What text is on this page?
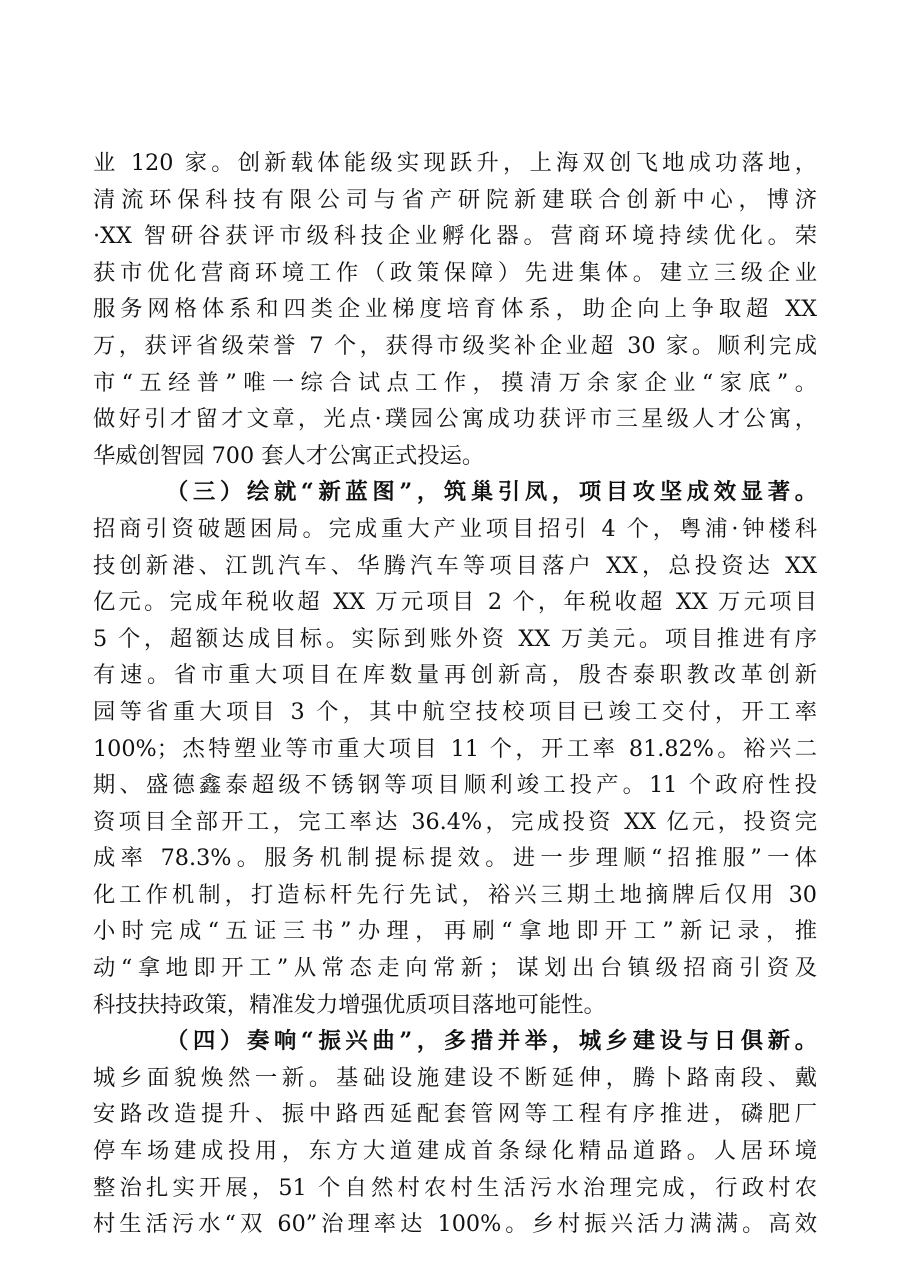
业 120 家。创新载体能级实现跃升，上海双创飞地成功落地，
清流环保科技有限公司与省产研院新建联合创新中心，博济
·XX 智研谷获评市级科技企业孵化器。营商环境持续优化。荣
获市优化营商环境工作（政策保障）先进集体。建立三级企业
服务网格体系和四类企业梯度培育体系，助企向上争取超 XX
万，获评省级荣誉 7 个，获得市级奖补企业超 30 家。顺利完成
市“五经普”唯一综合试点工作，摸清万余家企业“家底”。
做好引才留才文章，光点·璞园公寓成功获评市三星级人才公寓，
华威创智园 700 套人才公寓正式投运。
（三）绘就“新蓝图”，筑巢引凤，项目攻坚成效显著。
招商引资破题困局。完成重大产业项目招引 4 个，粤浦·钟楼科
技创新港、江凯汽车、华腾汽车等项目落户 XX，总投资达 XX
亿元。完成年税收超 XX 万元项目 2 个，年税收超 XX 万元项目
5 个，超额达成目标。实际到账外资 XX 万美元。项目推进有序
有速。省市重大项目在库数量再创新高，殷杏泰职教改革创新
园等省重大项目 3 个，其中航空技校项目已竣工交付，开工率
100%；杰特塑业等市重大项目 11 个，开工率 81.82%。裕兴二
期、盛德鑫泰超级不锈钢等项目顺利竣工投产。11 个政府性投
资项目全部开工，完工率达 36.4%，完成投资 XX 亿元，投资完
成率 78.3%。服务机制提标提效。进一步理顺“招推服”一体
化工作机制，打造标杆先行先试，裕兴三期土地摘牌后仅用 30
小时完成“五证三书”办理，再刷“拿地即开工”新记录，推
动“拿地即开工”从常态走向常新；谋划出台镇级招商引资及
科技扶持政策，精准发力增强优质项目落地可能性。
（四）奏响“振兴曲”，多措并举，城乡建设与日俱新。
城乡面貌焕然一新。基础设施建设不断延伸，腾卜路南段、戴
安路改造提升、振中路西延配套管网等工程有序推进，磷肥厂
停车场建成投用，东方大道建成首条绿化精品道路。人居环境
整治扎实开展，51 个自然村农村生活污水治理完成，行政村农
村生活污水“双 60”治理率达 100%。乡村振兴活力满满。高效
